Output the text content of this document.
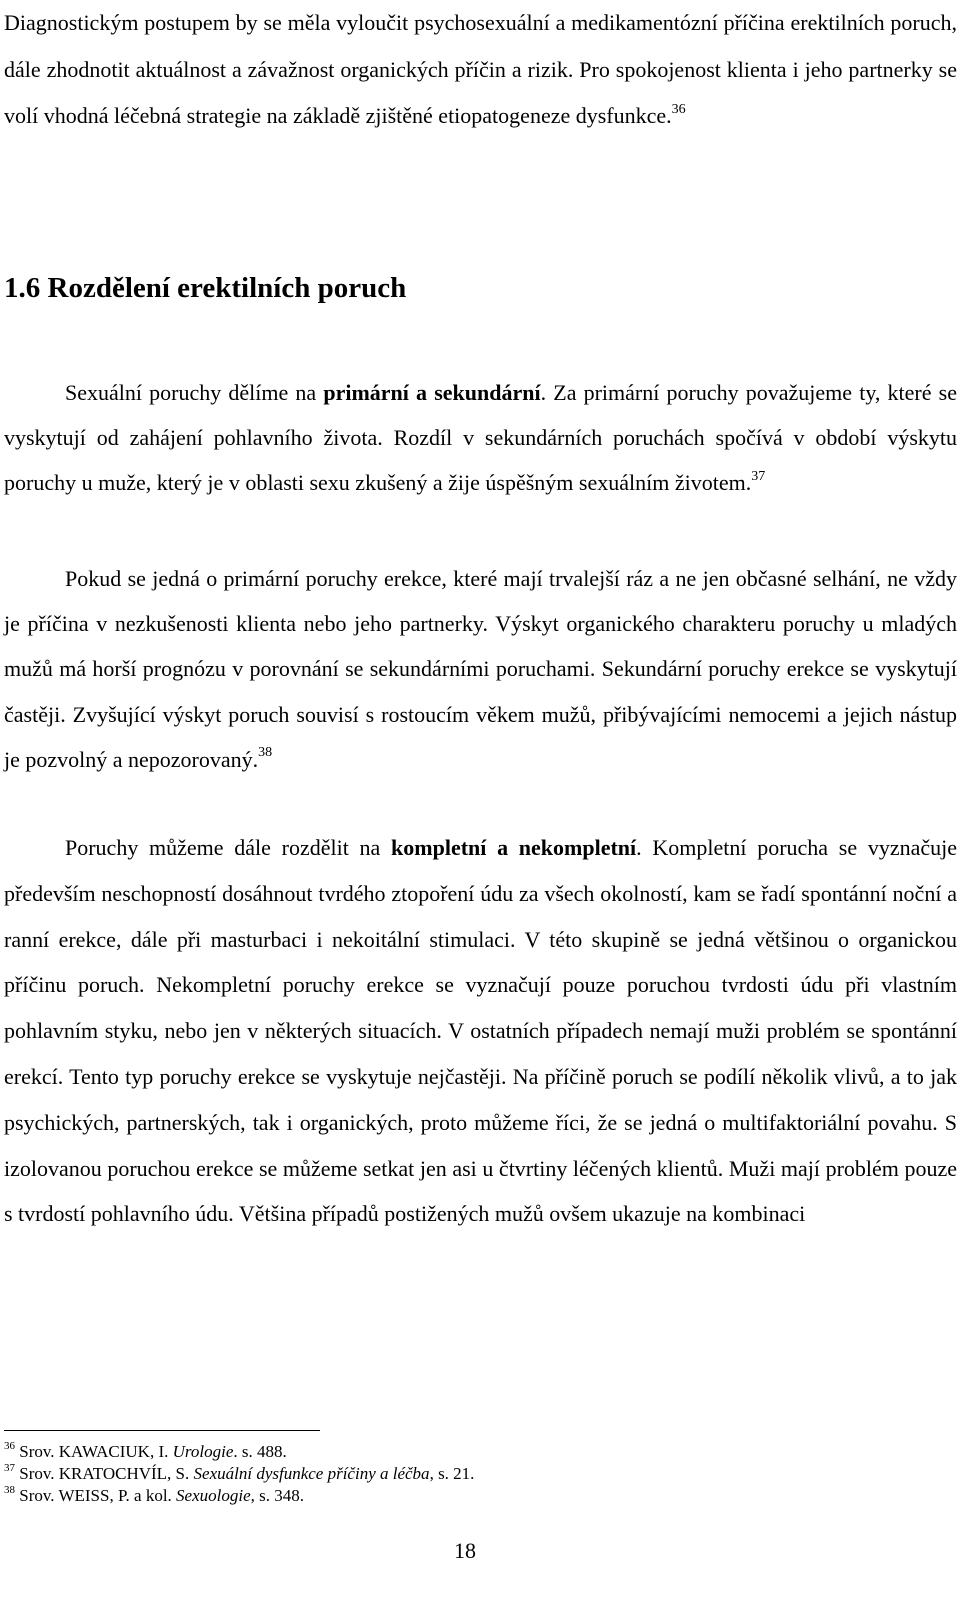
Diagnostickým postupem by se měla vyloučit psychosexuální a medikamentózní příčina erektilních poruch, dále zhodnotit aktuálnost a závažnost organických příčin a rizik. Pro spokojenost klienta i jeho partnerky se volí vhodná léčebná strategie na základě zjištěné etiopatogeneze dysfunkce.$^{36}$

1.6 Rozdělení erektilních poruch

Sexuální poruchy dělíme na primární a sekundární. Za primární poruchy považujeme ty, které se vyskytují od zahájení pohlavního života. Rozdíl v sekundárních poruchách spočívá v období výskytu poruchy u muže, který je v oblasti sexu zkušený a žije úspěšným sexuálním životem.$^{37}$

Pokud se jedná o primární poruchy erekce, které mají trvalejší ráz a ne jen občasné selhání, ne vždy je příčina v nezkušenosti klienta nebo jeho partnerky. Výskyt organického charakteru poruchy u mladých mužů má horší prognózu v porovnání se sekundárními poruchami. Sekundární poruchy erekce se vyskytují častěji. Zvyšující výskyt poruch souvisí s rostoucím věkem mužů, přibývajícími nemocemi a jejich nástup je pozvolný a nepozorovaný.$^{38}$

Poruchy můžeme dále rozdělit na kompletní a nekompletní. Kompletní porucha se vyznačuje především neschopností dosáhnout tvrdého ztopoření údu za všech okolností, kam se řadí spontánní noční a ranní erekce, dále při masturbaci i nekoitální stimulaci. V této skupině se jedná většinou o organickou příčinu poruch. Nekompletní poruchy erekce se vyznačují pouze poruchou tvrdosti údu při vlastním pohlavním styku, nebo jen v některých situacích. V ostatních případech nemají muži problém se spontánní erekcí. Tento typ poruchy erekce se vyskytuje nejčastěji. Na příčině poruch se podílí několik vlivů, a to jak psychických, partnerských, tak i organických, proto můžeme říci, že se jedná o multifaktoriální povahu. S izolovanou poruchou erekce se můžeme setkat jen asi u čtvrtiny léčených klientů. Muži mají problém pouze s tvrdostí pohlavního údu. Většina případů postižených mužů ovšem ukazuje na kombinaci

$^{36}$ Srov. KAWACIUK, I. Urologie. s. 488.

$^{37}$ Srov. KRATOCHVÍL, S. Sexuální dysfunkce příčiny a léčba, s. 21.

$^{38}$ Srov. WEISS, P. a kol. Sexuologie, s. 348.

18
